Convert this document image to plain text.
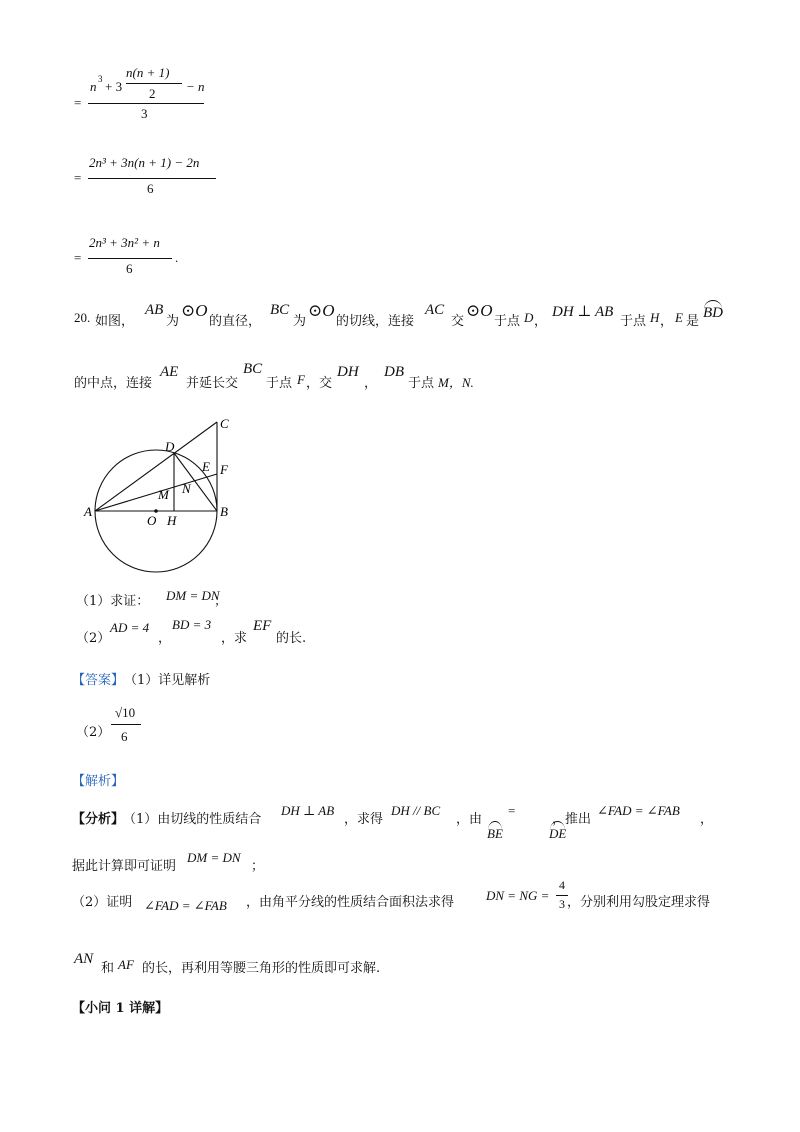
=
n 3 + 3
n(n + 1)
2 − n
3
=
2n³ + 3n(n + 1) − 2n
6
=
2n³ + 3n² + n
6
.
20. 如图，
AB
为
⊙O
的直径，
BC
为
⊙O
的切线，连接
AC
交
⊙O
于点 D ，
DH ⊥ AB
于点 H ， E 是
BD
的中点，连接
AE
并延长交
BC
于点 F ，交
DH
，
DB
于点 M，N.
C
D
E F
N
M
A
O H
B
（1）求证： DM = DN
；
（2）
AD = 4
，
BD = 3
，求
EF
的长.
【答案】 （1）详见解析
（2）
√10
6
【解析】
【分析】
（1）由切线的性质结合
DH ⊥ AB
，求得
DH // BC
，由
BE
=
DE
，推出
∠FAD = ∠FAB
，
据此计算即可证明
DM = DN
；
（2）证明 ∠FAD = ∠FAB ，由角平分线的性质结合面积法求得 DN = NG =
4
3 ，分别利用勾股定理求得
AN
和 AF 的长，再利用等腰三角形的性质即可求解.
【小问 1 详解】
